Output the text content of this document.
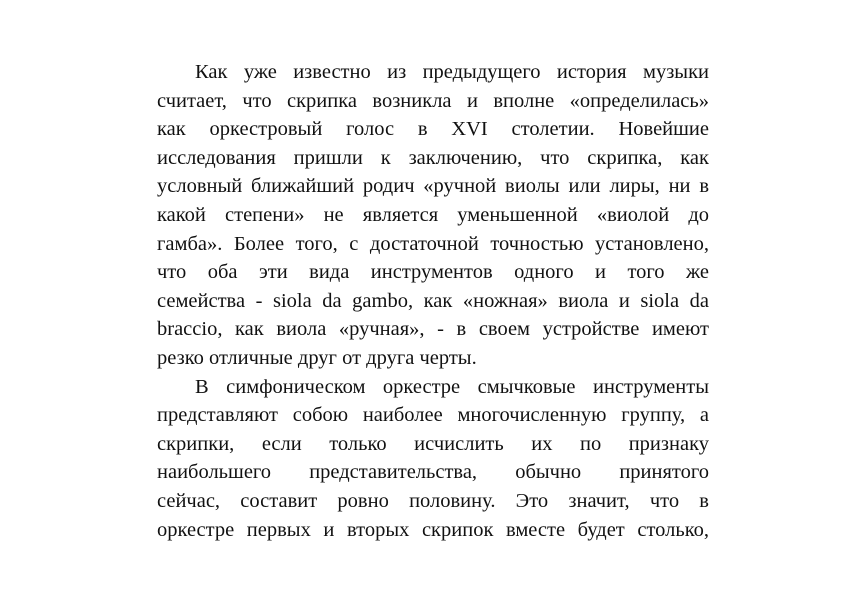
Как уже известно из предыдущего история музыки
считает, что скрипка возникла и вполне «определилась»
как оркестровый голос в XVI столетии. Новейшие
исследования пришли к заключению, что скрипка, как
условный ближайший родич «ручной виолы или лиры, ни в
какой степени» не является уменьшенной «виолой до
гамба». Более того, с достаточной точностью установлено,
что оба эти вида инструментов одного и того же
семейства - siola da gambo, как «ножная» виола и siola da
braccio, как виола «ручная», - в своем устройстве имеют
резко отличные друг от друга черты.
В симфоническом оркестре смычковые инструменты
представляют собою наиболее многочисленную группу, а
скрипки, если только исчислить их по признаку
наибольшего представительства, обычно принятого
сейчас, составит ровно половину. Это значит, что в
оркестре первых и вторых скрипок вместе будет столько,
